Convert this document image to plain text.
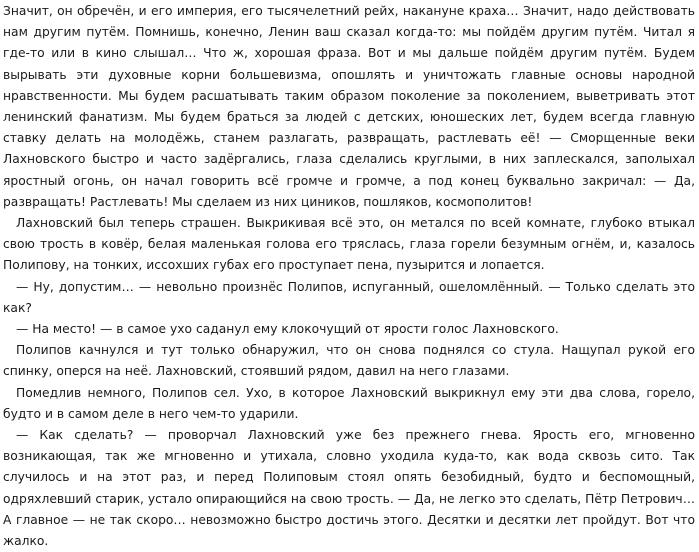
Значит, он обречён, и его империя, его тысячелетний рейх, накануне краха… Значит, надо действовать нам другим путём. Помнишь, конечно, Ленин ваш сказал когда-то: мы пойдём другим путём. Читал я где-то или в кино слышал… Что ж, хорошая фраза. Вот и мы дальше пойдём другим путём. Будем вырывать эти духовные корни большевизма, опошлять и уничтожать главные основы народной нравственности. Мы будем расшатывать таким образом поколение за поколением, выветривать этот ленинский фанатизм. Мы будем браться за людей с детских, юношеских лет, будем всегда главную ставку делать на молодёжь, станем разлагать, развращать, растлевать её! — Сморщенные веки Лахновского быстро и часто задёргались, глаза сделались круглыми, в них заплескался, заполыхал яростный огонь, он начал говорить всё громче и громче, а под конец буквально закричал: — Да, развращать! Растлевать! Мы сделаем из них циников, пошляков, космополитов!

Лахновский был теперь страшен. Выкрикивая всё это, он метался по всей комнате, глубоко втыкал свою трость в ковёр, белая маленькая голова его тряслась, глаза горели безумным огнём, и, казалось Полипову, на тонких, иссохших губах его проступает пена, пузырится и лопается.

— Ну, допустим… — невольно произнёс Полипов, испуганный, ошеломлённый. — Только сделать это как?

— На место! — в самое ухо саданул ему клокочущий от ярости голос Лахновского.

Полипов качнулся и тут только обнаружил, что он снова поднялся со стула. Нащупал рукой его спинку, оперся на неё. Лахновский, стоявший рядом, давил на него глазами.

Помедлив немного, Полипов сел. Ухо, в которое Лахновский выкрикнул ему эти два слова, горело, будто и в самом деле в него чем-то ударили.

— Как сделать? — проворчал Лахновский уже без прежнего гнева. Ярость его, мгновенно возникающая, так же мгновенно и утихала, словно уходила куда-то, как вода сквозь сито. Так случилось и на этот раз, и перед Полиповым стоял опять безобидный, будто и беспомощный, одряхлевший старик, устало опирающийся на свою трость. — Да, не легко это сделать, Пётр Петрович… А главное — не так скоро… невозможно быстро достичь этого. Десятки и десятки лет пройдут. Вот что жалко.
